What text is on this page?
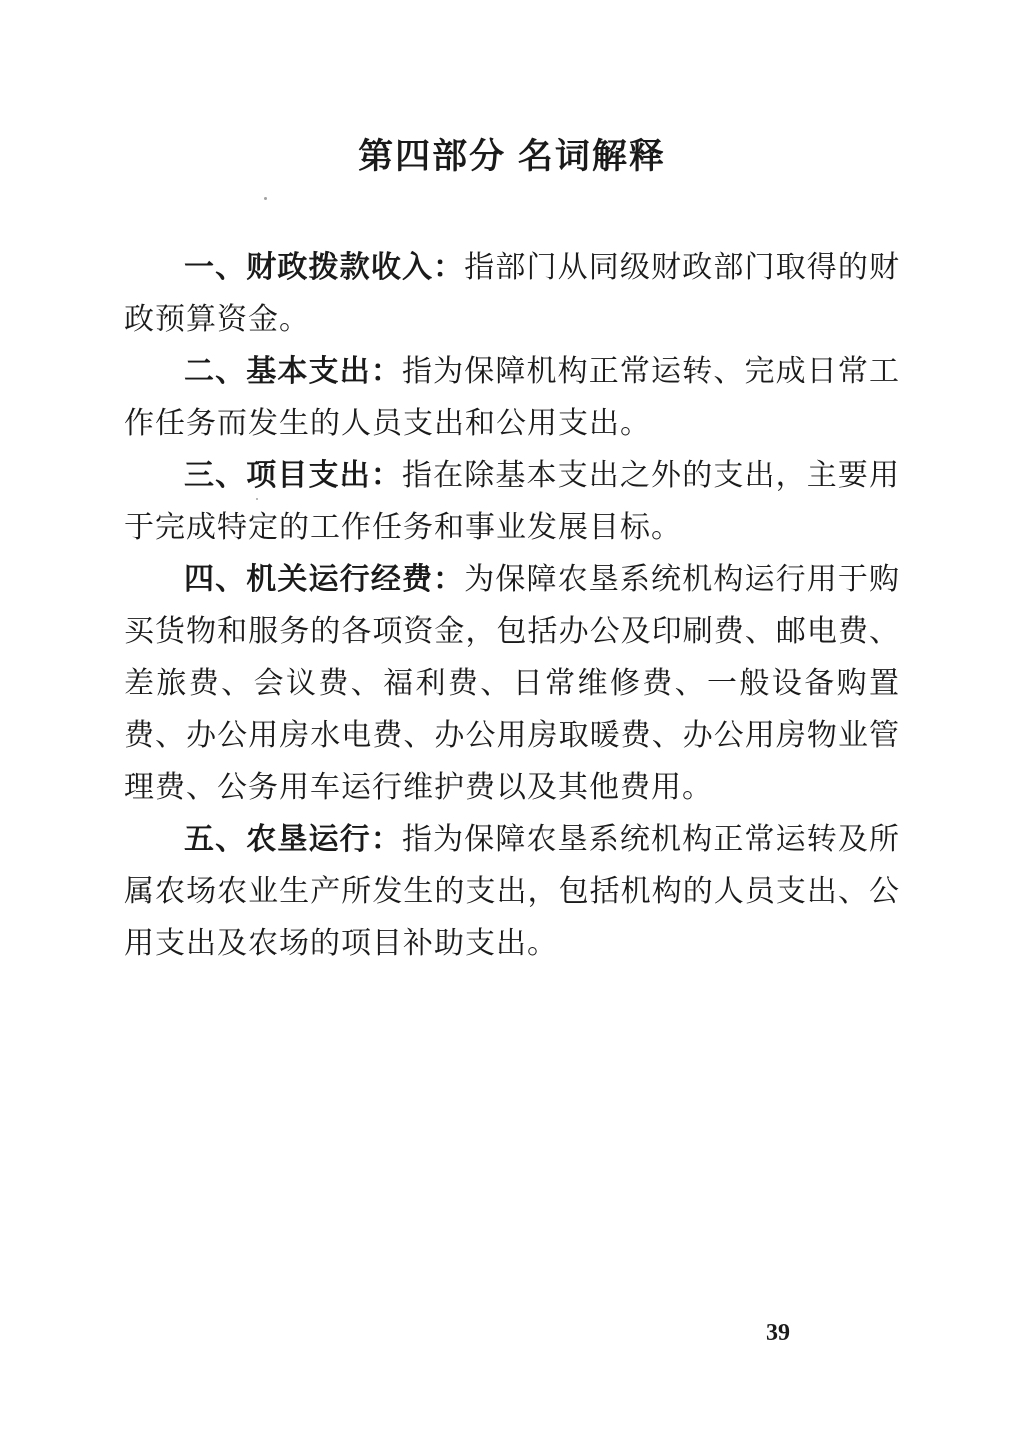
第四部分 名词解释

一、财政拨款收入：指部门从同级财政部门取得的财政预算资金。

二、基本支出：指为保障机构正常运转、完成日常工作任务而发生的人员支出和公用支出。

三、项目支出：指在除基本支出之外的支出，主要用于完成特定的工作任务和事业发展目标。

四、机关运行经费：为保障农垦系统机构运行用于购买货物和服务的各项资金，包括办公及印刷费、邮电费、差旅费、会议费、福利费、日常维修费、一般设备购置费、办公用房水电费、办公用房取暖费、办公用房物业管理费、公务用车运行维护费以及其他费用。

五、农垦运行：指为保障农垦系统机构正常运转及所属农场农业生产所发生的支出，包括机构的人员支出、公用支出及农场的项目补助支出。

39
